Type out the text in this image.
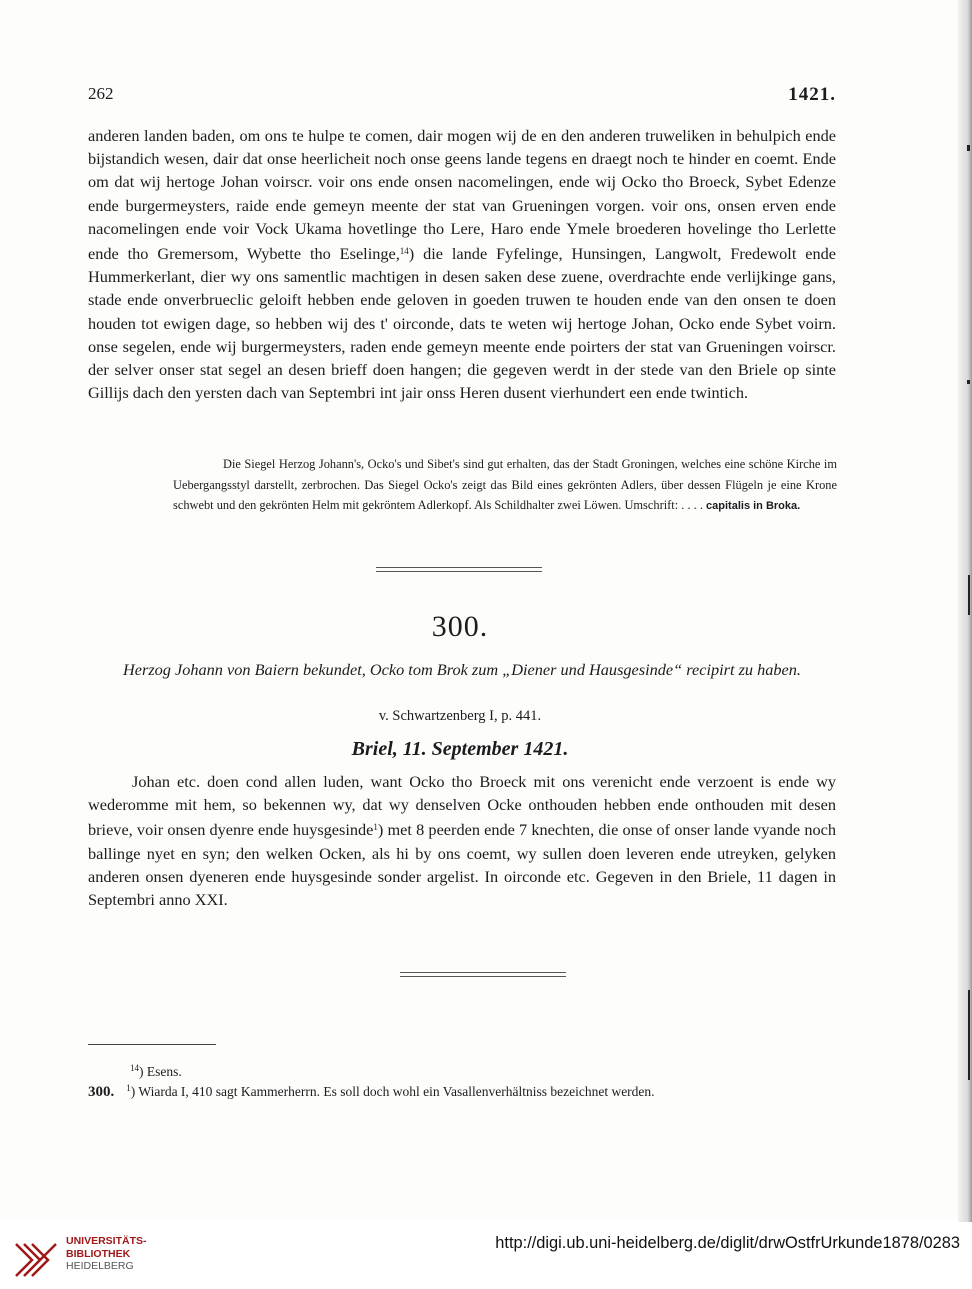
262	1421.

anderen landen baden, om ons te hulpe te comen, dair mogen wij de en den anderen truweliken in behulpich ende bijstandich wesen, dair dat onse heerlicheit noch onse geens lande tegens en draegt noch te hinder en coemt. Ende om dat wij hertoge Johan voirscr. voir ons ende onsen nacomelingen, ende wij Ocko tho Broeck, Sybet Edenze ende burgermeysters, raide ende gemeyn meente der stat van Grueningen vorgen. voir ons, onsen erven ende nacomelingen ende voir Vock Ukama hovetlinge tho Lere, Haro ende Ymele broederen hovelinge tho Lerlette ende tho Gremersom, Wybette tho Eselinge,$^{14}$) die lande Fyfelinge, Hunsingen, Langwolt, Fredewolt ende Hummerkerlant, dier wy ons samentlic machtigen in desen saken dese zuene, overdrachte ende verlijkinge gans, stade ende onverbrueclic geloift hebben ende geloven in goeden truwen te houden ende van den onsen te doen houden tot ewigen dage, so hebben wij des t' oirconde, dats te weten wij hertoge Johan, Ocko ende Sybet voirn. onse segelen, ende wij burgermeysters, raden ende gemeyn meente ende poirters der stat van Grueningen voirscr. der selver onser stat segel an desen brieff doen hangen; die gegeven werdt in der stede van den Briele op sinte Gillijs dach den yersten dach van Septembri int jair onss Heren dusent vierhundert een ende twintich.

Die Siegel Herzog Johann's, Ocko's und Sibet's sind gut erhalten, das der Stadt Groningen, welches eine schöne Kirche im Uebergangsstyl darstellt, zerbrochen. Das Siegel Ocko's zeigt das Bild eines gekrönten Adlers, über dessen Flügeln je eine Krone schwebt und den gekrönten Helm mit gekröntem Adlerkopf. Als Schildhalter zwei Löwen. Umschrift: . . . . capitalis in Broka.

300.

Herzog Johann von Baiern bekundet, Ocko tom Brok zum „Diener und Hausgesinde“ recipirt zu haben.

v. Schwartzenberg I, p. 441.
Briel, 11. September 1421.

Johan etc. doen cond allen luden, want Ocko tho Broeck mit ons verenicht ende verzoent is ende wy wederomme mit hem, so bekennen wy, dat wy denselven Ocke onthouden hebben ende onthouden mit desen brieve, voir onsen dyenre ende huysgesinde$^1$) met 8 peerden ende 7 knechten, die onse of onser lande vyande noch ballinge nyet en syn; den welken Ocken, als hi by ons coemt, wy sullen doen leveren ende utreyken, gelyken anderen onsen dyeneren ende huysgesinde sonder argelist. In oirconde etc. Gegeven in den Briele, 11 dagen in Septembri anno XXI.

$^{14}$) Esens.
300. $^1$) Wiarda I, 410 sagt Kammerherrn. Es soll doch wohl ein Vasallenverhältniss bezeichnet werden.
UNIVERSITÄTS-
BIBLIOTHEK
HEIDELBERG
http://digi.ub.uni-heidelberg.de/diglit/drwOstfrUrkunde1878/0283
